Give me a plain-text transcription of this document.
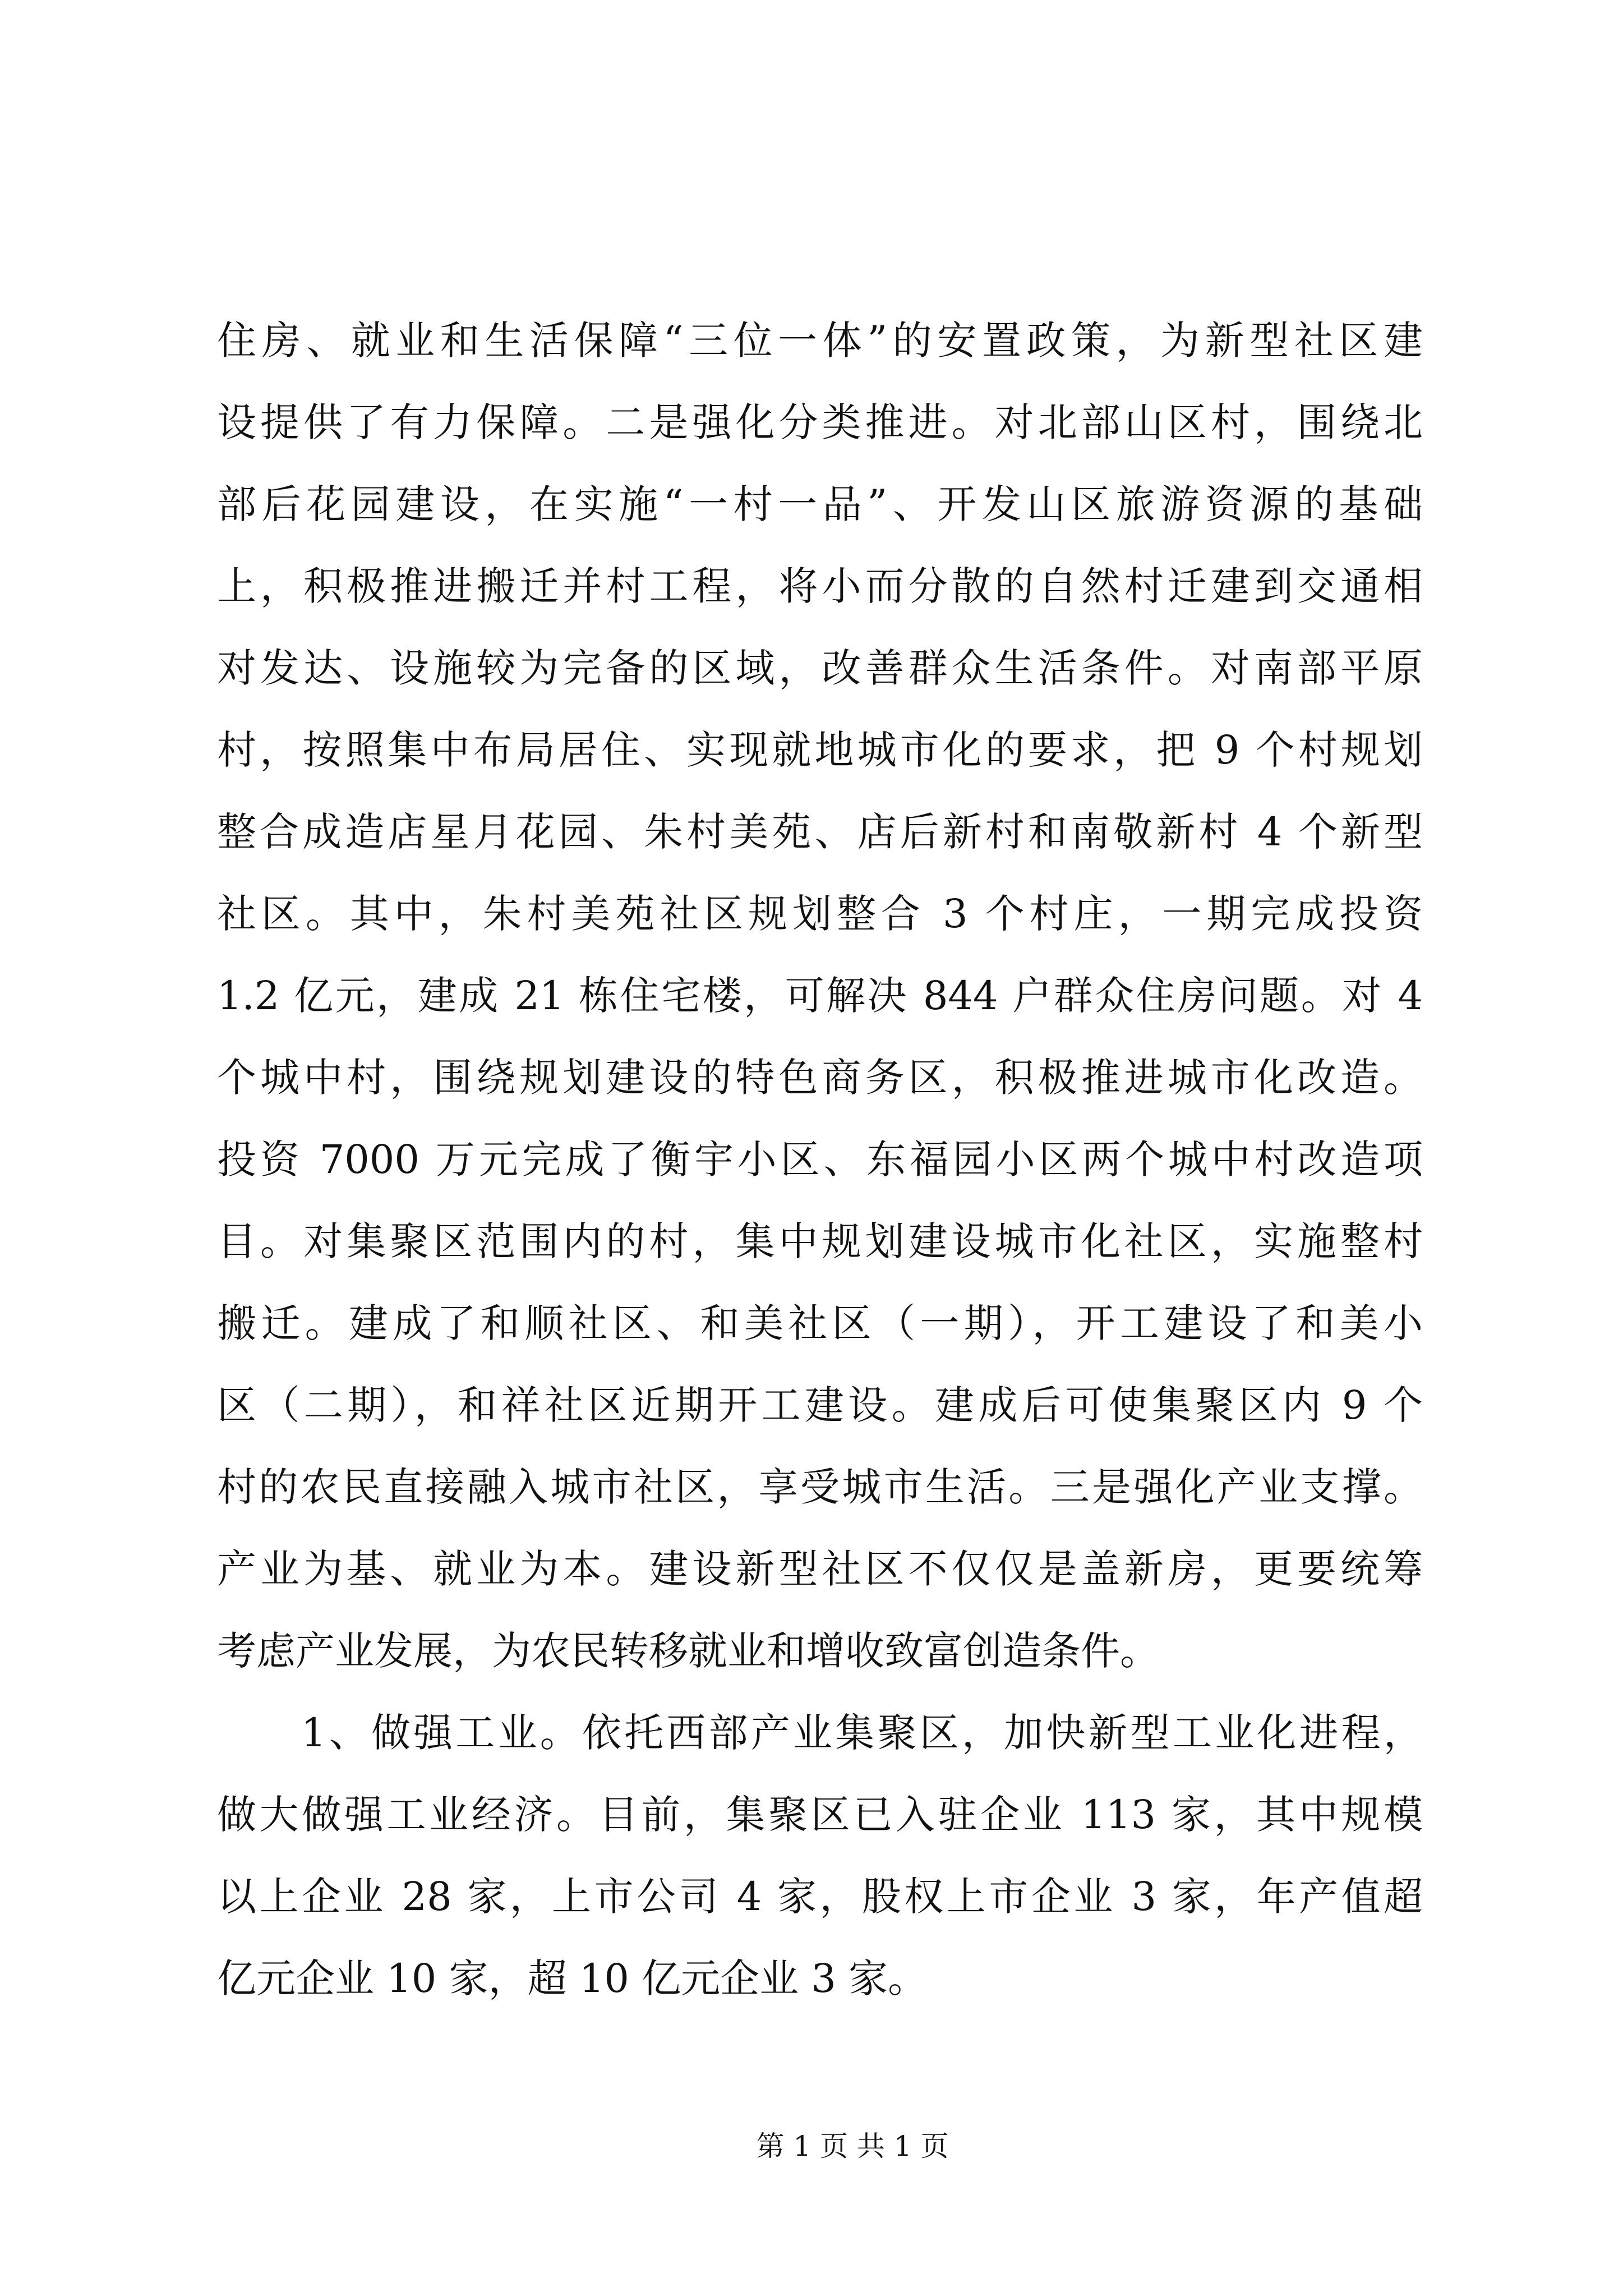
住房、就业和生活保障“三位一体”的安置政策，为新型社区建
设提供了有力保障。二是强化分类推进。对北部山区村，围绕北
部后花园建设，在实施“一村一品”、开发山区旅游资源的基础
上，积极推进搬迁并村工程，将小而分散的自然村迁建到交通相
对发达、设施较为完备的区域，改善群众生活条件。对南部平原
村，按照集中布局居住、实现就地城市化的要求，把 9 个村规划
整合成造店星月花园、朱村美苑、店后新村和南敬新村 4 个新型
社区。其中，朱村美苑社区规划整合 3 个村庄，一期完成投资
1.2 亿元，建成 21 栋住宅楼，可解决 844 户群众住房问题。对 4
个城中村，围绕规划建设的特色商务区，积极推进城市化改造。
投资 7000 万元完成了衡宇小区、东福园小区两个城中村改造项
目。对集聚区范围内的村，集中规划建设城市化社区，实施整村
搬迁。建成了和顺社区、和美社区（一期），开工建设了和美小
区（二期），和祥社区近期开工建设。建成后可使集聚区内 9 个
村的农民直接融入城市社区，享受城市生活。三是强化产业支撑。
产业为基、就业为本。建设新型社区不仅仅是盖新房，更要统筹
考虑产业发展，为农民转移就业和增收致富创造条件。
1、做强工业。依托西部产业集聚区，加快新型工业化进程，
做大做强工业经济。目前，集聚区已入驻企业 113 家，其中规模
以上企业 28 家，上市公司 4 家，股权上市企业 3 家，年产值超
亿元企业 10 家，超 10 亿元企业 3 家。
第 1 页 共 1 页
